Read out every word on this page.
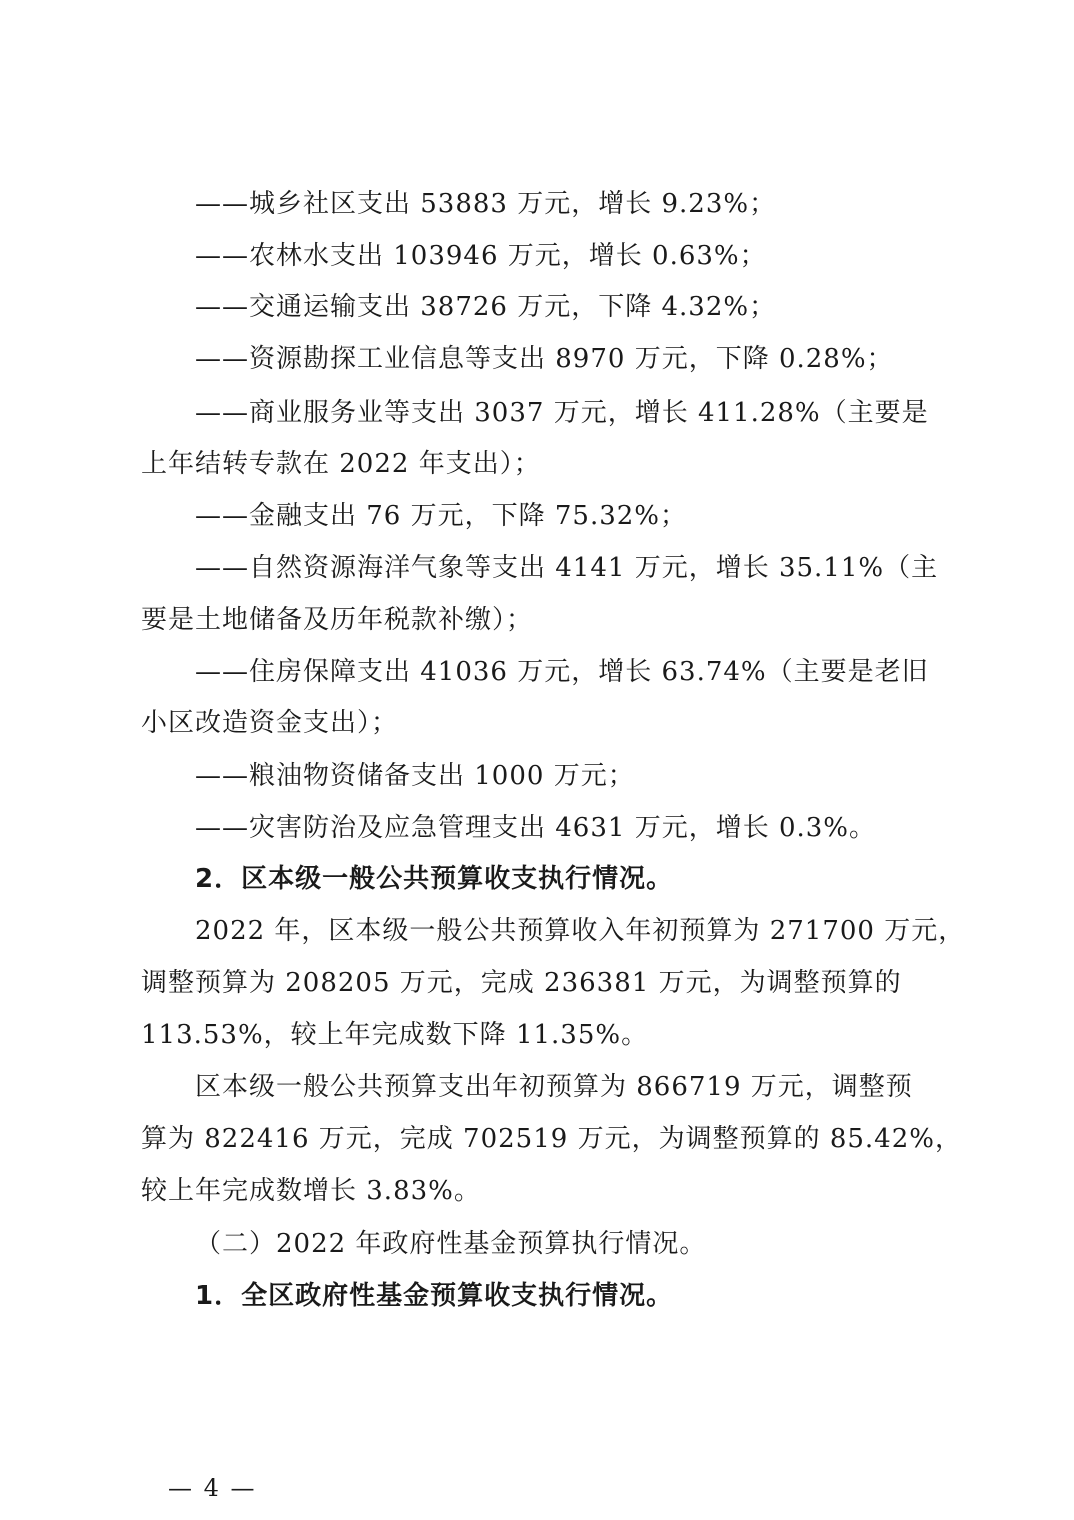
——城乡社区支出 53883 万元，增长 9.23%；
——农林水支出 103946 万元，增长 0.63%；
——交通运输支出 38726 万元，下降 4.32%；
——资源勘探工业信息等支出 8970 万元，下降 0.28%；
——商业服务业等支出 3037 万元，增长 411.28%（主要是
上年结转专款在 2022 年支出）；
——金融支出 76 万元，下降 75.32%；
——自然资源海洋气象等支出 4141 万元，增长 35.11%（主
要是土地储备及历年税款补缴）；
——住房保障支出 41036 万元，增长 63.74%（主要是老旧
小区改造资金支出）；
——粮油物资储备支出 1000 万元；
——灾害防治及应急管理支出 4631 万元，增长 0.3%。
2．区本级一般公共预算收支执行情况。
2022 年，区本级一般公共预算收入年初预算为 271700 万元，
调整预算为 208205 万元，完成 236381 万元，为调整预算的
113.53%，较上年完成数下降 11.35%。
区本级一般公共预算支出年初预算为 866719 万元，调整预
算为 822416 万元，完成 702519 万元，为调整预算的 85.42%，
较上年完成数增长 3.83%。
（二）2022 年政府性基金预算执行情况。
1．全区政府性基金预算收支执行情况。
— 4 —
